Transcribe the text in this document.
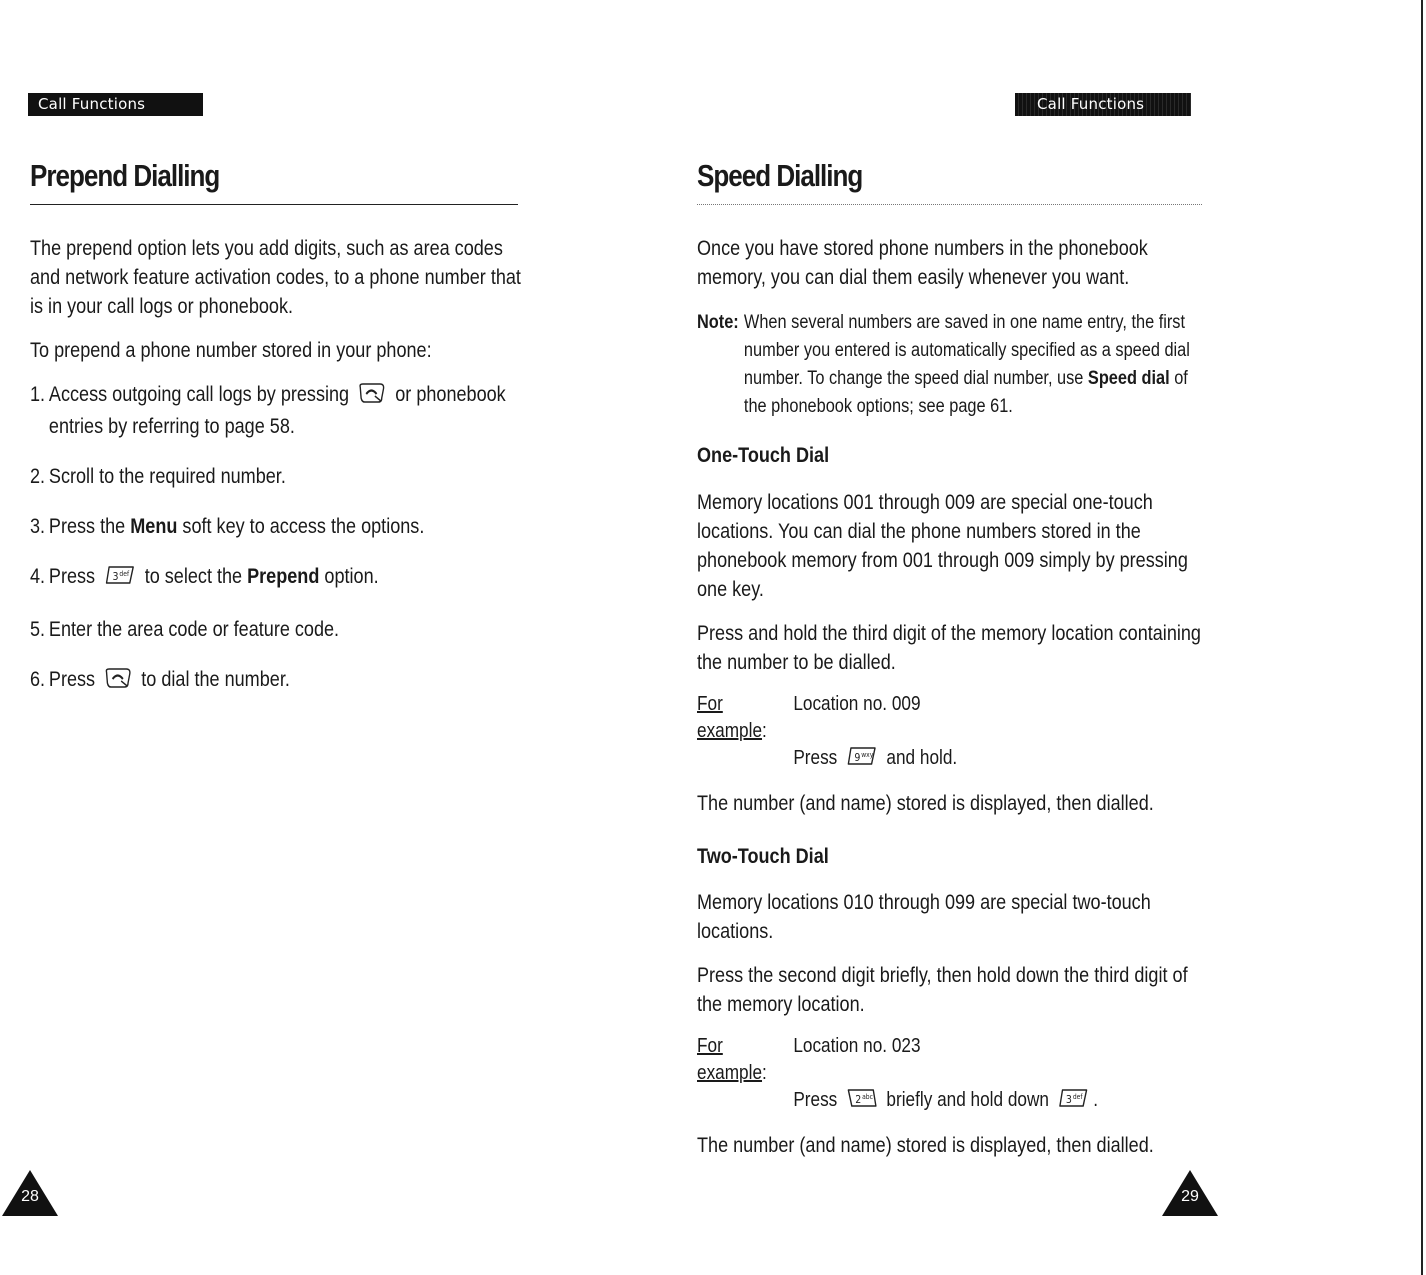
Call Functions
Prepend Dialling

The prepend option lets you add digits, such as area codes and network feature activation codes, to a phone number that is in your call logs or phonebook.

To prepend a phone number stored in your phone:

1. Access outgoing call logs by pressing or phonebook entries by referring to page 58.
2. Scroll to the required number.
3. Press the Menu soft key to access the options.
4. Press 3 def to select the Prepend option.
5. Enter the area code or feature code.
6. Press to dial the number.
28
Call Functions
Speed Dialling

Once you have stored phone numbers in the phonebook memory, you can dial them easily whenever you want.

Note: When several numbers are saved in one name entry, the first number you entered is automatically specified as a speed dial number. To change the speed dial number, use Speed dial of the phonebook options; see page 61.
One-Touch Dial

Memory locations 001 through 009 are special one-touch locations. You can dial the phone numbers stored in the phonebook memory from 001 through 009 simply by pressing one key.

Press and hold the third digit of the memory location containing the number to be dialled.

For example:
Location no. 009
Press 9 wxy and hold.

The number (and name) stored is displayed, then dialled.

Two-Touch Dial

Memory locations 010 through 099 are special two-touch locations.

Press the second digit briefly, then hold down the third digit of the memory location.

For example:
Location no. 023
Press 2 abc briefly and hold down 3 def .

The number (and name) stored is displayed, then dialled.

29
